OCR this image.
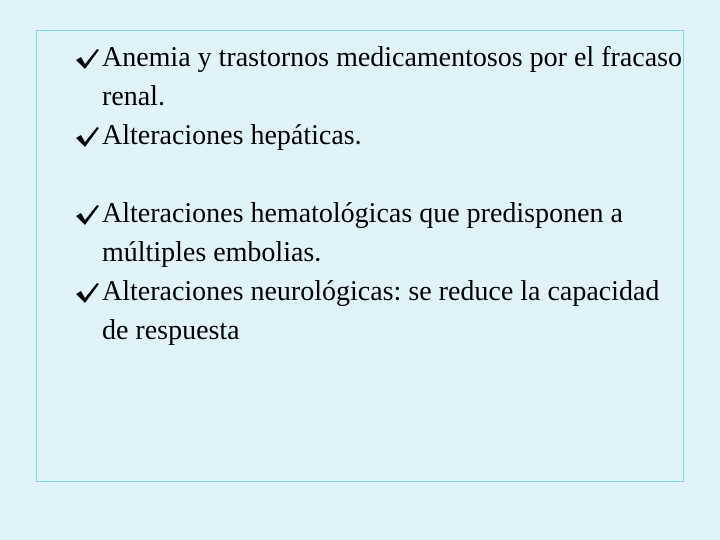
Anemia y trastornos medicamentosos por el fracaso renal.
Alteraciones hepáticas.
Alteraciones hematológicas que predisponen a múltiples embolias.
Alteraciones neurológicas: se reduce la capacidad de respuesta
